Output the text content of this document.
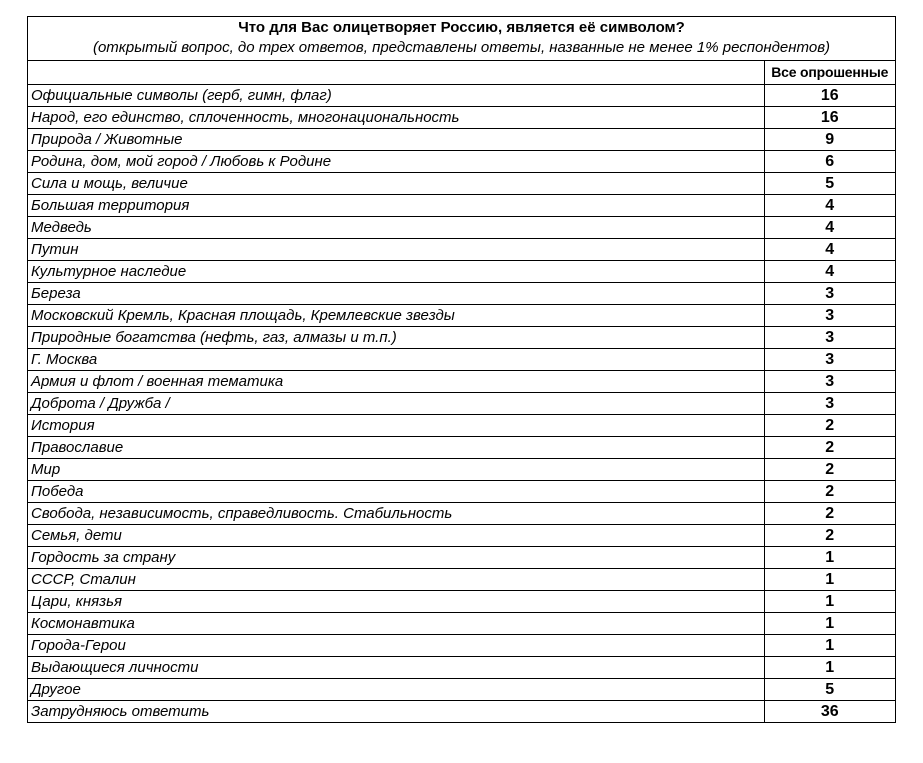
Что для Вас олицетворяет Россию, является её символом?
(открытый вопрос, до трех ответов, представлены ответы, названные не менее 1% респондентов)
	Все опрошенные
Официальные символы (герб, гимн, флаг)	16
Народ, его единство, сплоченность, многонациональность	16
Природа / Животные	9
Родина, дом, мой город / Любовь к Родине	6
Сила и мощь, величие	5
Большая территория	4
Медведь	4
Путин	4
Культурное наследие	4
Береза	3
Московский Кремль, Красная площадь, Кремлевские звезды	3
Природные богатства (нефть, газ, алмазы и т.п.)	3
Г. Москва	3
Армия и флот / военная тематика	3
Доброта / Дружба /	3
История	2
Православие	2
Мир	2
Победа	2
Свобода, независимость, справедливость. Стабильность	2
Семья, дети	2
Гордость за страну	1
СССР, Сталин	1
Цари, князья	1
Космонавтика	1
Города-Герои	1
Выдающиеся личности	1
Другое	5
Затрудняюсь ответить	36
